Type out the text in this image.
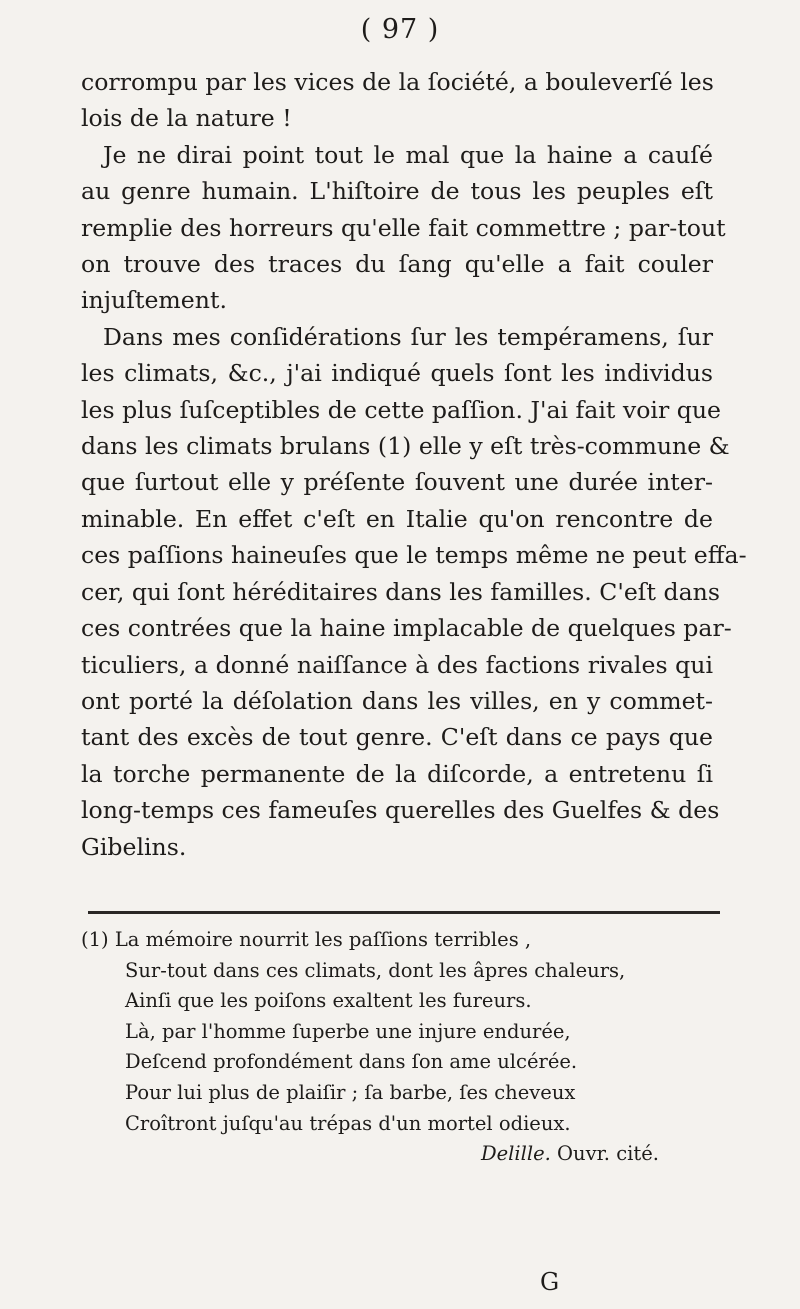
( 97 )
corrompu par les vices de la ſociété, a bouleverſé les
lois de la nature !
Je ne dirai point tout le mal que la haine a cauſé
au genre humain. L'hiſtoire de tous les peuples eſt
remplie des horreurs qu'elle fait commettre ; par-tout
on trouve des traces du ſang qu'elle a fait couler
injuſtement.
Dans mes conſidérations ſur les tempéramens, ſur
les climats, &c., j'ai indiqué quels ſont les individus
les plus ſuſceptibles de cette paſſion. J'ai fait voir que
dans les climats brulans (1) elle y eſt très-commune &
que ſurtout elle y préſente ſouvent une durée inter-
minable. En effet c'eſt en Italie qu'on rencontre de
ces paſſions haineuſes que le temps même ne peut effa-
cer, qui ſont héréditaires dans les familles. C'eſt dans
ces contrées que la haine implacable de quelques par-
ticuliers, a donné naiſſance à des factions rivales qui
ont porté la déſolation dans les villes, en y commet-
tant des excès de tout genre. C'eſt dans ce pays que
la torche permanente de la diſcorde, a entretenu ſi
long-temps ces fameuſes querelles des Guelfes & des
Gibelins.
(1) La mémoire nourrit les paſſions terribles ,
Sur-tout dans ces climats, dont les âpres chaleurs,
Ainſi que les poiſons exaltent les fureurs.
Là, par l'homme ſuperbe une injure endurée,
Deſcend profondément dans ſon ame ulcérée.
Pour lui plus de plaiſir ; ſa barbe, ſes cheveux
Croîtront juſqu'au trépas d'un mortel odieux.
Delille. Ouvr. cité.
G
